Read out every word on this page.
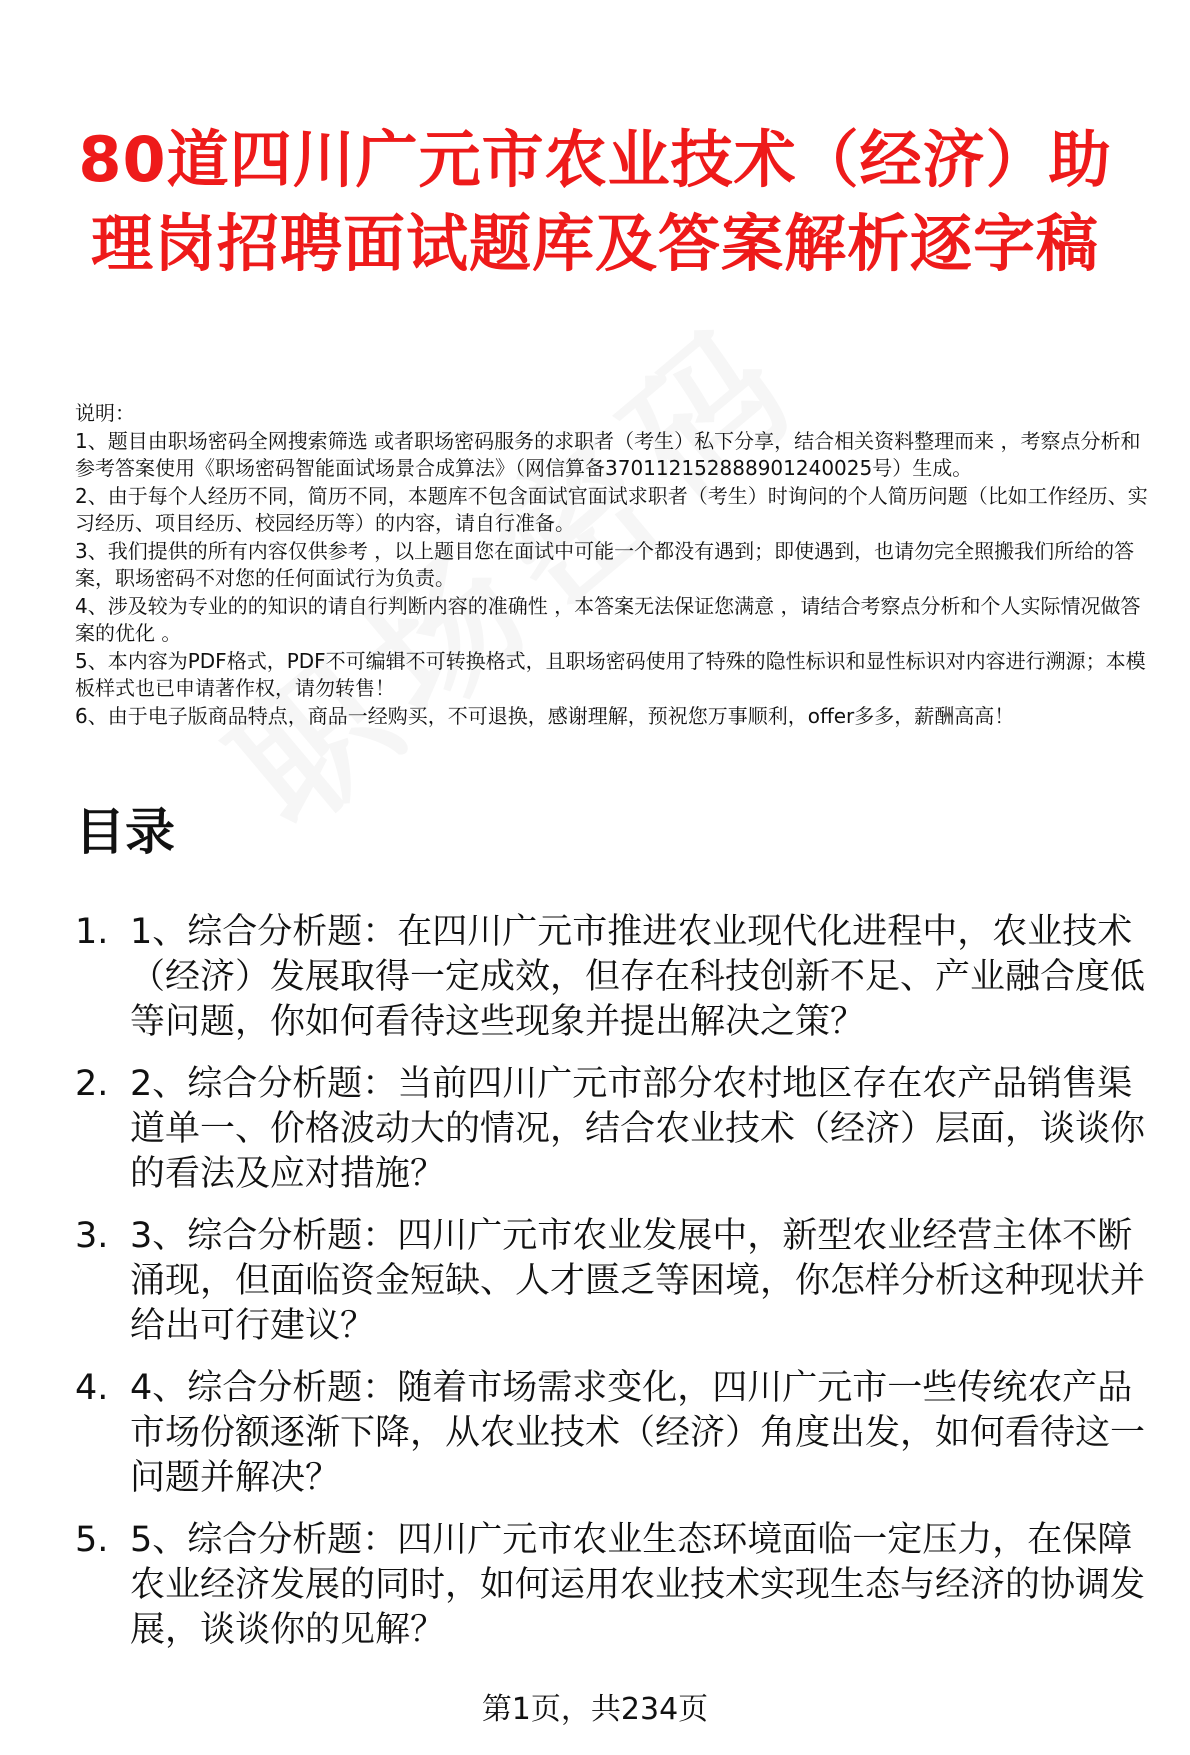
80道四川广元市农业技术（经济）助理岗招聘面试题库及答案解析逐字稿

说明：

1、题目由职场密码全网搜索筛选 或者职场密码服务的求职者（考生）私下分享，结合相关资料整理而来 ，考察点分析和参考答案使用《职场密码智能面试场景合成算法》（网信算备370112152888901240025号）生成。

2、由于每个人经历不同，简历不同，本题库不包含面试官面试求职者（考生）时询问的个人简历问题（比如工作经历、实习经历、项目经历、校园经历等）的内容，请自行准备。

3、我们提供的所有内容仅供参考 ，以上题目您在面试中可能一个都没有遇到；即使遇到，也请勿完全照搬我们所给的答案，职场密码不对您的任何面试行为负责。

4、涉及较为专业的的知识的请自行判断内容的准确性 ，本答案无法保证您满意 ，请结合考察点分析和个人实际情况做答案的优化 。

5、本内容为PDF格式，PDF不可编辑不可转换格式，且职场密码使用了特殊的隐性标识和显性标识对内容进行溯源；本模板样式也已申请著作权，请勿转售！

6、由于电子版商品特点，商品一经购买，不可退换，感谢理解，预祝您万事顺利，offer多多，薪酬高高！

目录
1. 1、综合分析题：在四川广元市推进农业现代化进程中，农业技术（经济）发展取得一定成效，但存在科技创新不足、产业融合度低等问题，你如何看待这些现象并提出解决之策？
2. 2、综合分析题：当前四川广元市部分农村地区存在农产品销售渠道单一、价格波动大的情况，结合农业技术（经济）层面，谈谈你的看法及应对措施？
3. 3、综合分析题：四川广元市农业发展中，新型农业经营主体不断涌现，但面临资金短缺、人才匮乏等困境，你怎样分析这种现状并给出可行建议？
4. 4、综合分析题：随着市场需求变化，四川广元市一些传统农产品市场份额逐渐下降，从农业技术（经济）角度出发，如何看待这一问题并解决？
5. 5、综合分析题：四川广元市农业生态环境面临一定压力，在保障农业经济发展的同时，如何运用农业技术实现生态与经济的协调发展，谈谈你的见解？
第1页，共234页
